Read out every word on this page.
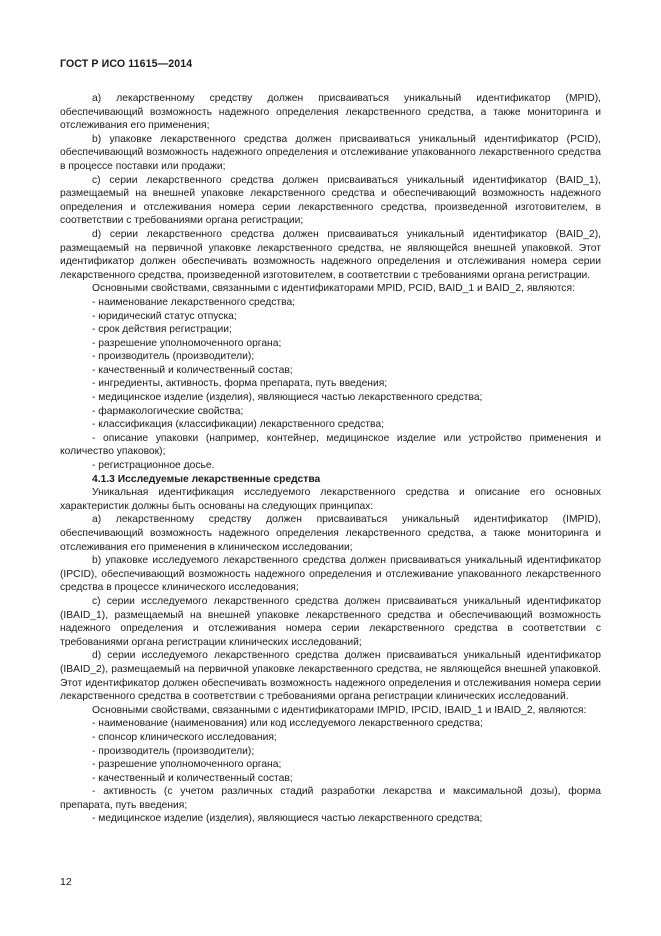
ГОСТ Р ИСО 11615—2014

a) лекарственному средству должен присваиваться уникальный идентификатор (MPID), обеспечивающий возможность надежного определения лекарственного средства, а также мониторинга и отслеживания его применения;

b) упаковке лекарственного средства должен присваиваться уникальный идентификатор (PCID), обеспечивающий возможность надежного определения и отслеживание упакованного лекарственного средства в процессе поставки или продажи;

c) серии лекарственного средства должен присваиваться уникальный идентификатор (BAID_1), размещаемый на внешней упаковке лекарственного средства и обеспечивающий возможность надежного определения и отслеживания номера серии лекарственного средства, произведенной изготовителем, в соответствии с требованиями органа регистрации;

d) серии лекарственного средства должен присваиваться уникальный идентификатор (BAID_2), размещаемый на первичной упаковке лекарственного средства, не являющейся внешней упаковкой. Этот идентификатор должен обеспечивать возможность надежного определения и отслеживания номера серии лекарственного средства, произведенной изготовителем, в соответствии с требованиями органа регистрации.

Основными свойствами, связанными с идентификаторами MPID, PCID, BAID_1 и BAID_2, являются:

- наименование лекарственного средства;

- юридический статус отпуска;

- срок действия регистрации;

- разрешение уполномоченного органа;

- производитель (производители);

- качественный и количественный состав;

- ингредиенты, активность, форма препарата, путь введения;

- медицинское изделие (изделия), являющиеся частью лекарственного средства;

- фармакологические свойства;

- классификация (классификации) лекарственного средства;

- описание упаковки (например, контейнер, медицинское изделие или устройство применения и количество упаковок);

- регистрационное досье.

4.1.3 Исследуемые лекарственные средства

Уникальная идентификация исследуемого лекарственного средства и описание его основных характеристик должны быть основаны на следующих принципах:

a) лекарственному средству должен присваиваться уникальный идентификатор (IMPID), обеспечивающий возможность надежного определения лекарственного средства, а также мониторинга и отслеживания его применения в клиническом исследовании;

b) упаковке исследуемого лекарственного средства должен присваиваться уникальный идентификатор (IPCID), обеспечивающий возможность надежного определения и отслеживание упакованного лекарственного средства в процессе клинического исследования;

c) серии исследуемого лекарственного средства должен присваиваться уникальный идентификатор (IBAID_1), размещаемый на внешней упаковке лекарственного средства и обеспечивающий возможность надежного определения и отслеживания номера серии лекарственного средства в соответствии с требованиями органа регистрации клинических исследований;

d) серии исследуемого лекарственного средства должен присваиваться уникальный идентификатор (IBAID_2), размещаемый на первичной упаковке лекарственного средства, не являющейся внешней упаковкой. Этот идентификатор должен обеспечивать возможность надежного определения и отслеживания номера серии лекарственного средства в соответствии с требованиями органа регистрации клинических исследований.

Основными свойствами, связанными с идентификаторами IMPID, IPCID, IBAID_1 и IBAID_2, являются:

- наименование (наименования) или код исследуемого лекарственного средства;

- спонсор клинического исследования;

- производитель (производители);

- разрешение уполномоченного органа;

- качественный и количественный состав;

- активность (с учетом различных стадий разработки лекарства и максимальной дозы), форма препарата, путь введения;

- медицинское изделие (изделия), являющиеся частью лекарственного средства;

12
